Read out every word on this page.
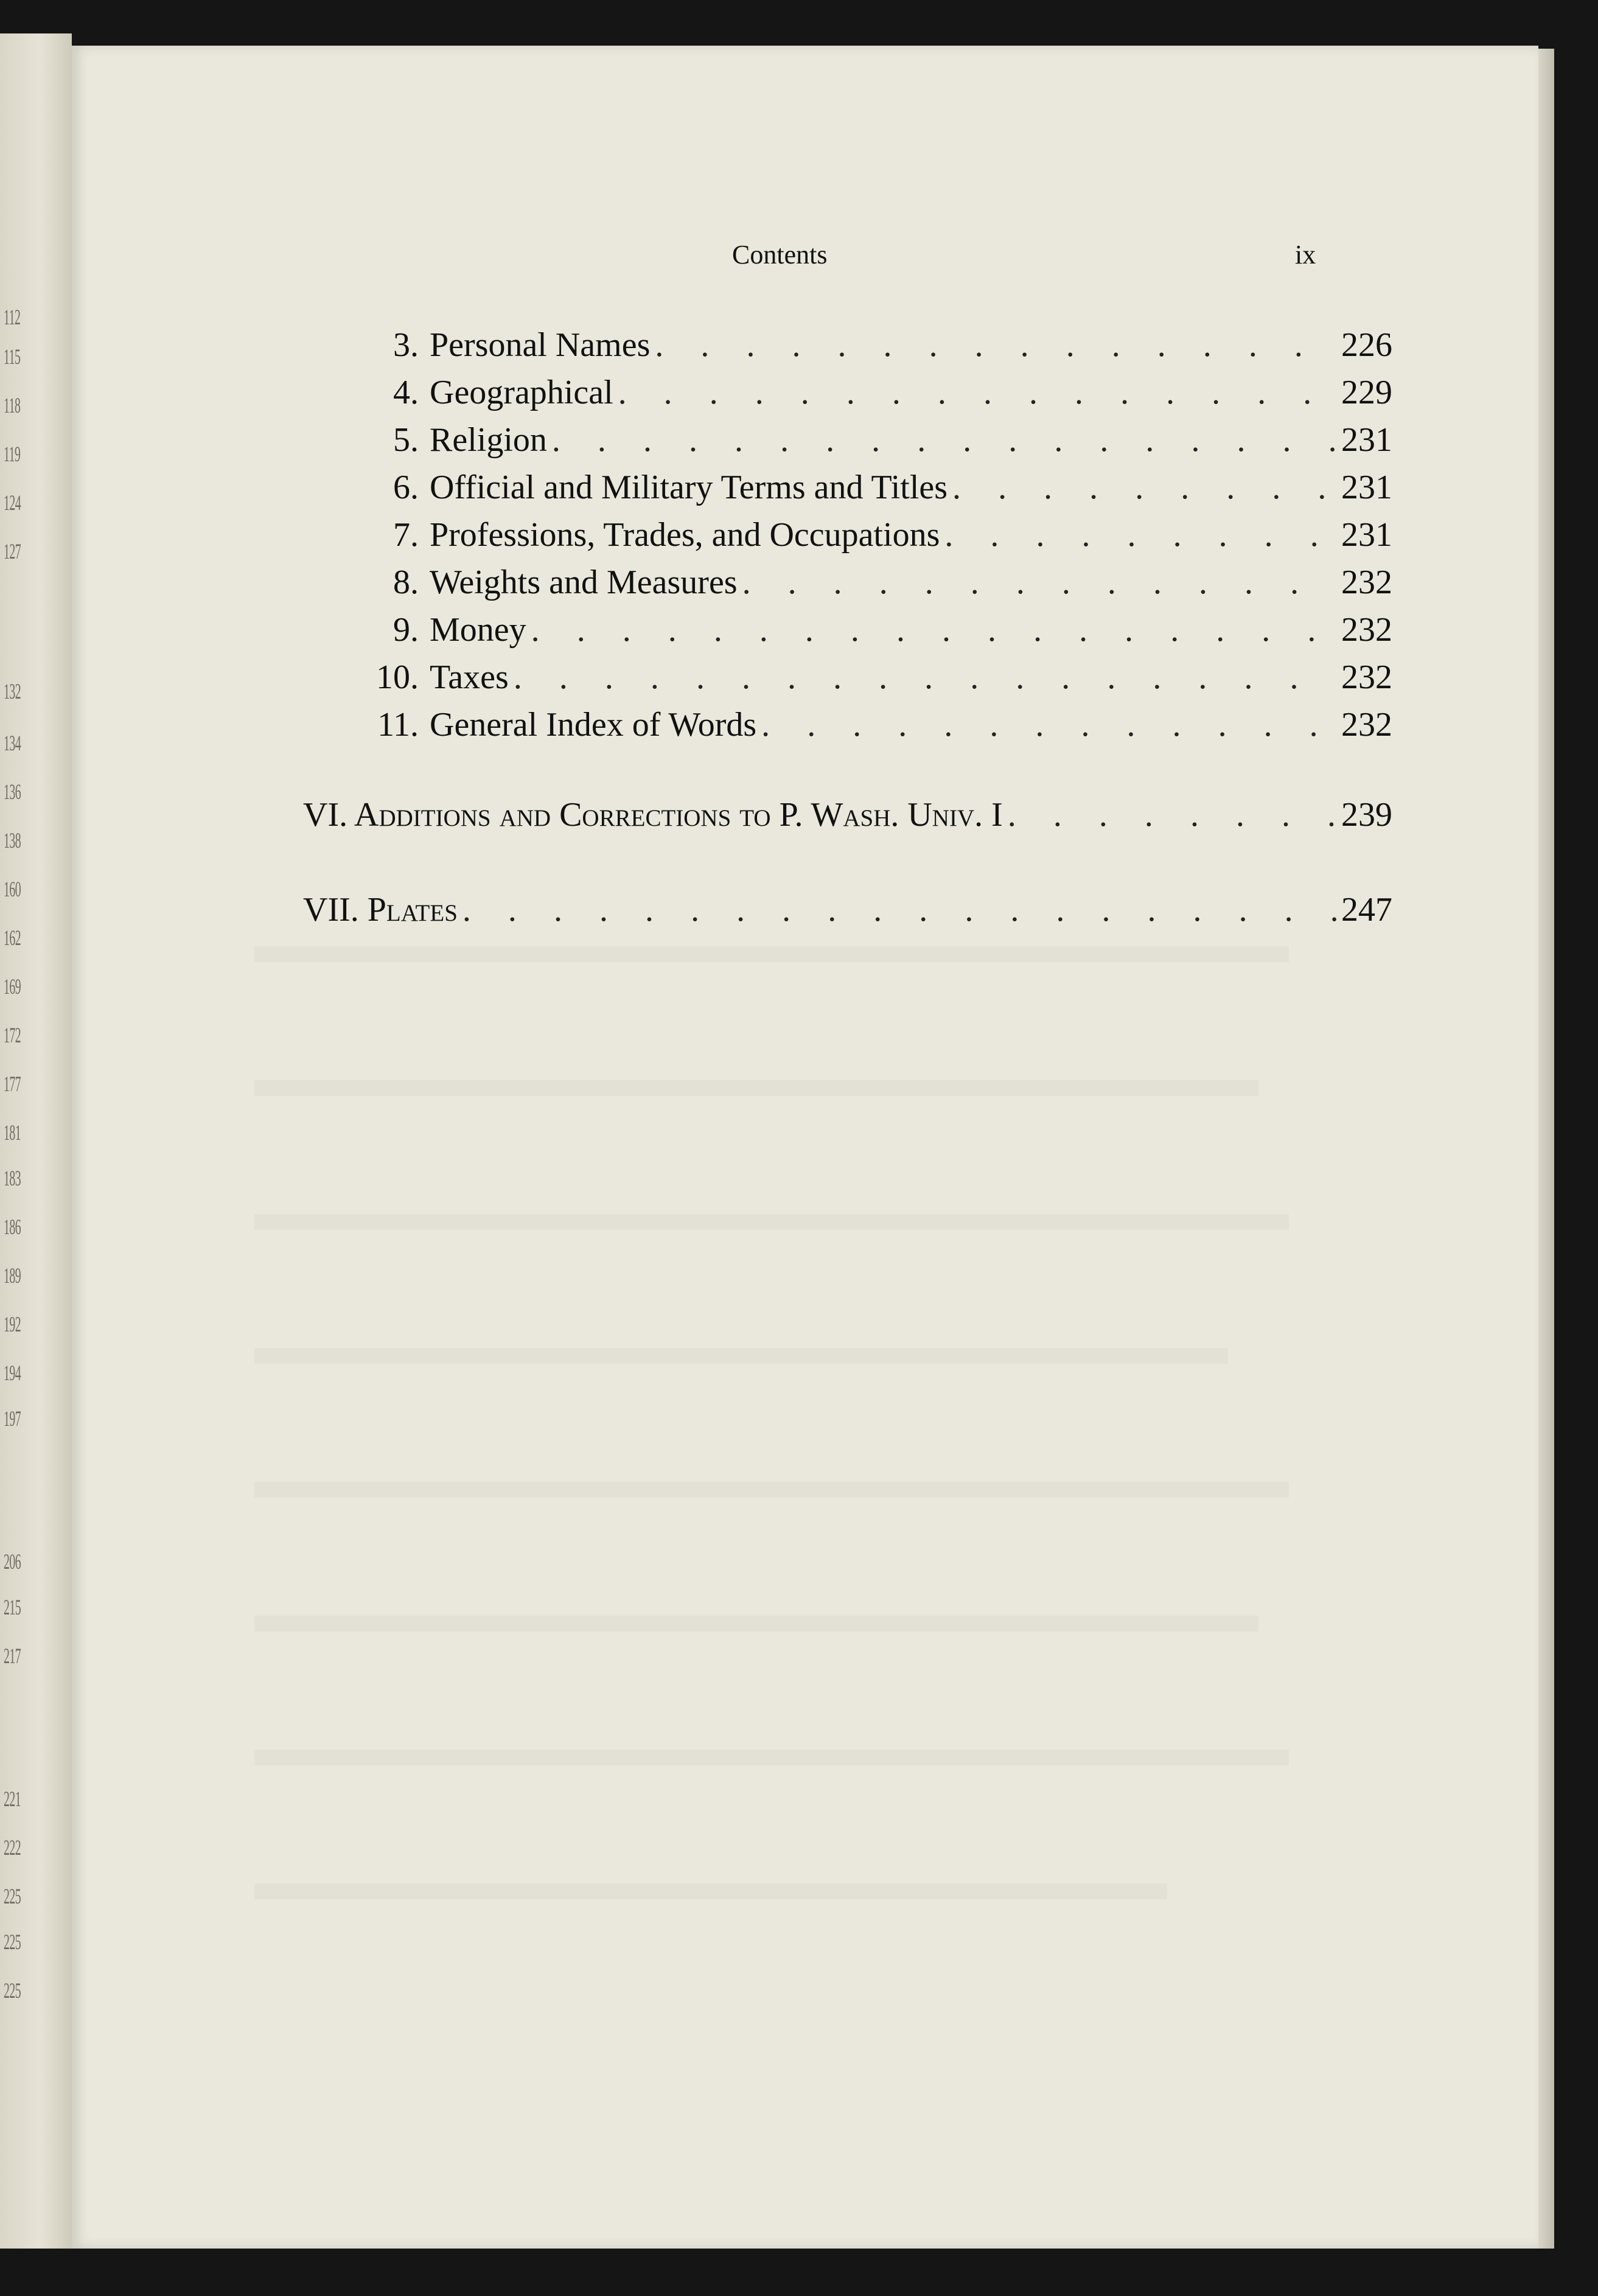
112
115
118
119
124
127
132
134
136
138
160
162
169
172
177
181
183
186
189
192
194
197
206
215
217
221
222
225
225
225
Contents	ix
3. Personal Names . . .	226
4. Geographical . . .	229
5. Religion . . .	231
6. Official and Military Terms and Titles . . .	231
7. Professions, Trades, and Occupations . . .	231
8. Weights and Measures . . .	232
9. Money . . .	232
10. Taxes . . .	232
11. General Index of Words . . .	232
VI. Additions and Corrections to P. Wash. Univ. I . . .	239
VII. Plates . . .	247
